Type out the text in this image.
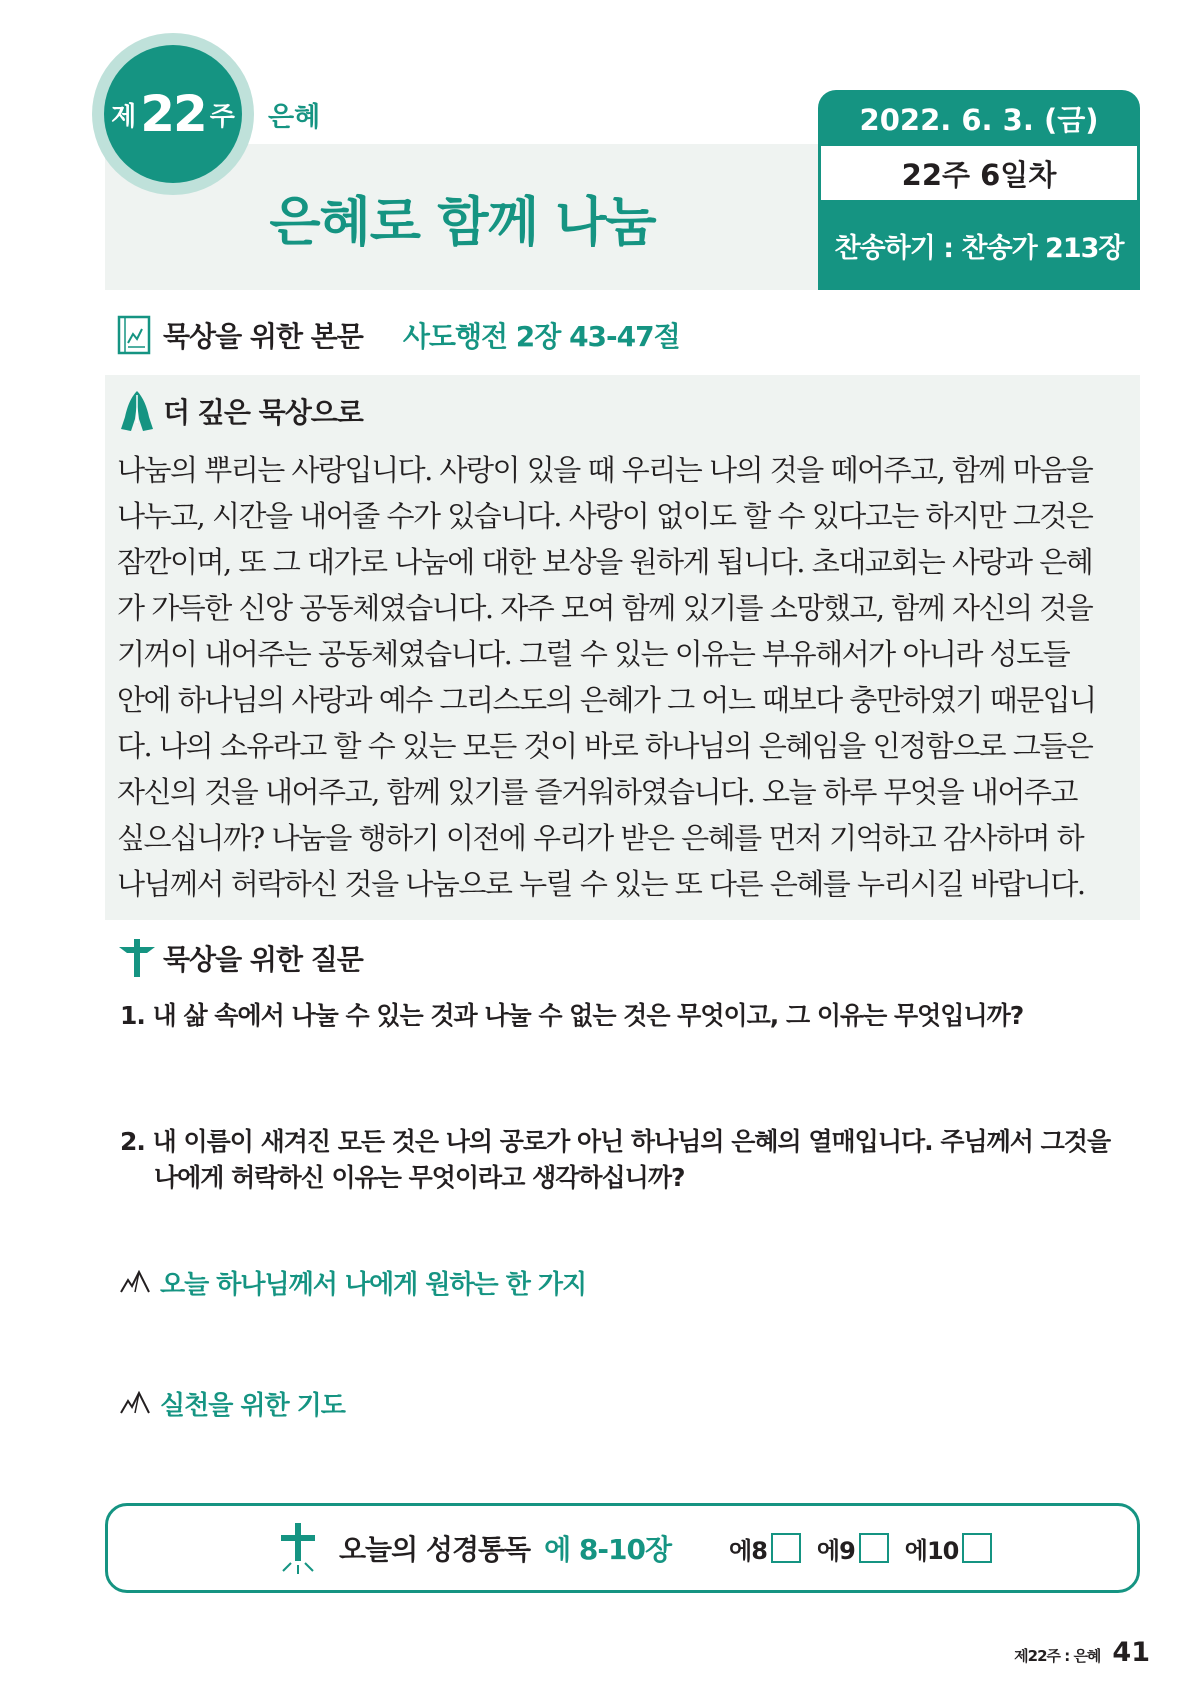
제 22 주 은혜
은혜로 함께 나눔
2022. 6. 3. (금)
22주 6일차
찬송하기 : 찬송가 213장
묵상을 위한 본문 사도행전 2장 43-47절
더 깊은 묵상으로
나눔의 뿌리는 사랑입니다. 사랑이 있을 때 우리는 나의 것을 떼어주고, 함께 마음을
나누고, 시간을 내어줄 수가 있습니다. 사랑이 없이도 할 수 있다고는 하지만 그것은
잠깐이며, 또 그 대가로 나눔에 대한 보상을 원하게 됩니다. 초대교회는 사랑과 은혜
가 가득한 신앙 공동체였습니다. 자주 모여 함께 있기를 소망했고, 함께 자신의 것을
기꺼이 내어주는 공동체였습니다. 그럴 수 있는 이유는 부유해서가 아니라 성도들
안에 하나님의 사랑과 예수 그리스도의 은혜가 그 어느 때보다 충만하였기 때문입니
다. 나의 소유라고 할 수 있는 모든 것이 바로 하나님의 은혜임을 인정함으로 그들은
자신의 것을 내어주고, 함께 있기를 즐거워하였습니다. 오늘 하루 무엇을 내어주고
싶으십니까? 나눔을 행하기 이전에 우리가 받은 은혜를 먼저 기억하고 감사하며 하
나님께서 허락하신 것을 나눔으로 누릴 수 있는 또 다른 은혜를 누리시길 바랍니다.
묵상을 위한 질문
1. 내 삶 속에서 나눌 수 있는 것과 나눌 수 없는 것은 무엇이고, 그 이유는 무엇입니까?
2. 내 이름이 새겨진 모든 것은 나의 공로가 아닌 하나님의 은혜의 열매입니다. 주님께서 그것을
나에게 허락하신 이유는 무엇이라고 생각하십니까?
오늘 하나님께서 나에게 원하는 한 가지
실천을 위한 기도
오늘의 성경통독 에 8-10장 에8 에9 에10
제22주 : 은혜 41
